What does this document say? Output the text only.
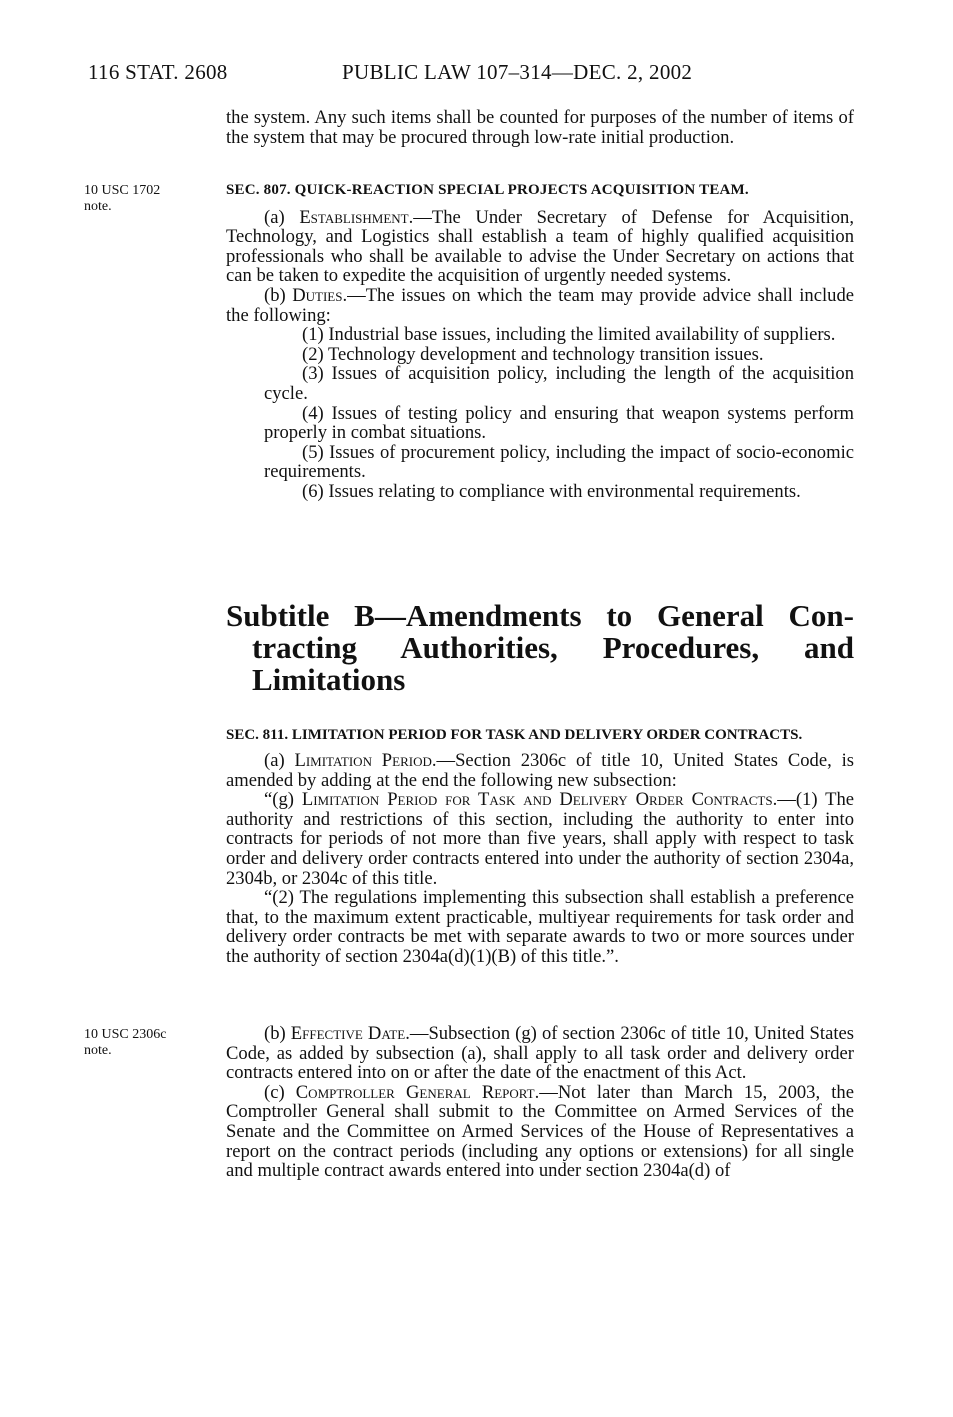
116 STAT. 2608	PUBLIC LAW 107–314—DEC. 2, 2002

the system. Any such items shall be counted for purposes of the number of items of the system that may be procured through low-rate initial production.

10 USC 1702
note.

SEC. 807. QUICK-REACTION SPECIAL PROJECTS ACQUISITION TEAM.

(a) Establishment.—The Under Secretary of Defense for Acquisition, Technology, and Logistics shall establish a team of highly qualified acquisition professionals who shall be available to advise the Under Secretary on actions that can be taken to expedite the acquisition of urgently needed systems.

(b) Duties.—The issues on which the team may provide advice shall include the following:

(1) Industrial base issues, including the limited availability of suppliers.

(2) Technology development and technology transition issues.

(3) Issues of acquisition policy, including the length of the acquisition cycle.

(4) Issues of testing policy and ensuring that weapon systems perform properly in combat situations.

(5) Issues of procurement policy, including the impact of socio-economic requirements.

(6) Issues relating to compliance with environmental requirements.

Subtitle B—Amendments to General Con-
tracting Authorities, Procedures, and
Limitations

SEC. 811. LIMITATION PERIOD FOR TASK AND DELIVERY ORDER CONTRACTS.

(a) Limitation Period.—Section 2306c of title 10, United States Code, is amended by adding at the end the following new subsection:

“(g) Limitation Period for Task and Delivery Order Contracts.—(1) The authority and restrictions of this section, including the authority to enter into contracts for periods of not more than five years, shall apply with respect to task order and delivery order contracts entered into under the authority of section 2304a, 2304b, or 2304c of this title.

“(2) The regulations implementing this subsection shall establish a preference that, to the maximum extent practicable, multiyear requirements for task order and delivery order contracts be met with separate awards to two or more sources under the authority of section 2304a(d)(1)(B) of this title.”.

10 USC 2306c
note.

(b) Effective Date.—Subsection (g) of section 2306c of title 10, United States Code, as added by subsection (a), shall apply to all task order and delivery order contracts entered into on or after the date of the enactment of this Act.

(c) Comptroller General Report.—Not later than March 15, 2003, the Comptroller General shall submit to the Committee on Armed Services of the Senate and the Committee on Armed Services of the House of Representatives a report on the contract periods (including any options or extensions) for all single and multiple contract awards entered into under section 2304a(d) of
